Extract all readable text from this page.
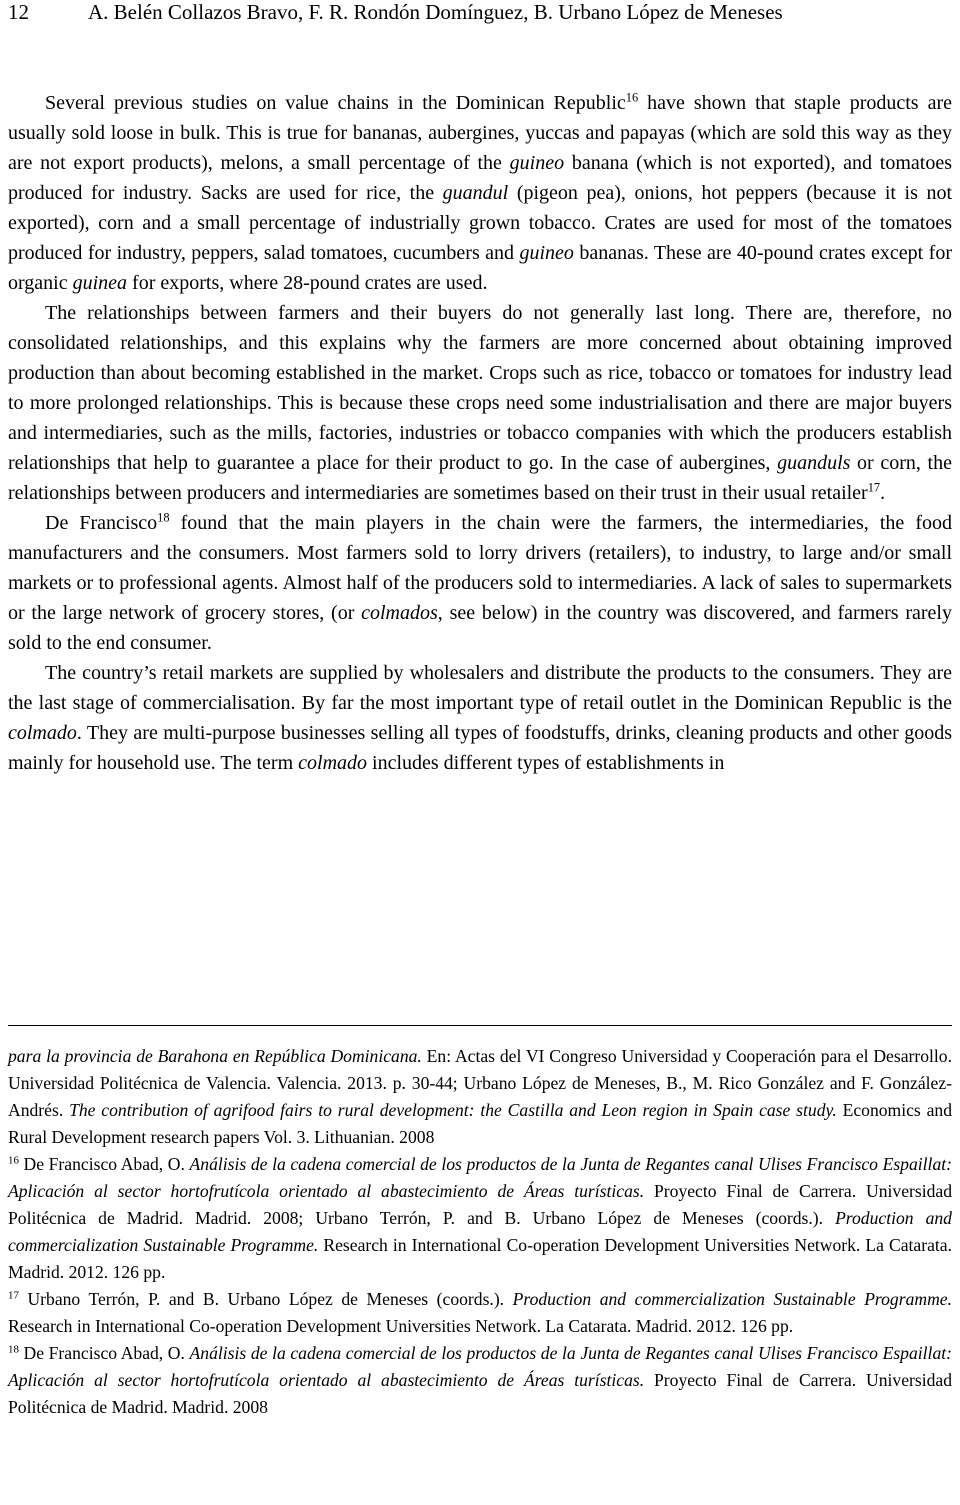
12	A. Belén Collazos Bravo, F. R. Rondón Domínguez, B. Urbano López de Meneses

Several previous studies on value chains in the Dominican Republic$^{16}$ have shown that staple products are usually sold loose in bulk. This is true for bananas, aubergines, yuccas and papayas (which are sold this way as they are not export products), melons, a small percentage of the guineo banana (which is not exported), and tomatoes produced for industry. Sacks are used for rice, the guandul (pigeon pea), onions, hot peppers (because it is not exported), corn and a small percentage of industrially grown tobacco. Crates are used for most of the tomatoes produced for industry, peppers, salad tomatoes, cucumbers and guineo bananas. These are 40-pound crates except for organic guinea for exports, where 28-pound crates are used.

The relationships between farmers and their buyers do not generally last long. There are, therefore, no consolidated relationships, and this explains why the farmers are more concerned about obtaining improved production than about becoming established in the market. Crops such as rice, tobacco or tomatoes for industry lead to more prolonged relationships. This is because these crops need some industrialisation and there are major buyers and intermediaries, such as the mills, factories, industries or tobacco companies with which the producers establish relationships that help to guarantee a place for their product to go. In the case of aubergines, guanduls or corn, the relationships between producers and intermediaries are sometimes based on their trust in their usual retailer$^{17}$.

De Francisco$^{18}$ found that the main players in the chain were the farmers, the intermediaries, the food manufacturers and the consumers. Most farmers sold to lorry drivers (retailers), to industry, to large and/or small markets or to professional agents. Almost half of the producers sold to intermediaries. A lack of sales to supermarkets or the large network of grocery stores, (or colmados, see below) in the country was discovered, and farmers rarely sold to the end consumer.

The country’s retail markets are supplied by wholesalers and distribute the products to the consumers. They are the last stage of commercialisation. By far the most important type of retail outlet in the Dominican Republic is the colmado. They are multi-purpose businesses selling all types of foodstuffs, drinks, cleaning products and other goods mainly for household use. The term colmado includes different types of establishments in

para la provincia de Barahona en República Dominicana. En: Actas del VI Congreso Universidad y Cooperación para el Desarrollo. Universidad Politécnica de Valencia. Valencia. 2013. p. 30-44; Urbano López de Meneses, B., M. Rico González and F. González-Andrés. The contribution of agrifood fairs to rural development: the Castilla and Leon region in Spain case study. Economics and Rural Development research papers Vol. 3. Lithuanian. 2008

$^{16}$ De Francisco Abad, O. Análisis de la cadena comercial de los productos de la Junta de Regantes canal Ulises Francisco Espaillat: Aplicación al sector hortofrutícola orientado al abastecimiento de Áreas turísticas. Proyecto Final de Carrera. Universidad Politécnica de Madrid. Madrid. 2008; Urbano Terrón, P. and B. Urbano López de Meneses (coords.). Production and commercialization Sustainable Programme. Research in International Co-operation Development Universities Network. La Catarata. Madrid. 2012. 126 pp.

$^{17}$ Urbano Terrón, P. and B. Urbano López de Meneses (coords.). Production and commercialization Sustainable Programme. Research in International Co-operation Development Universities Network. La Catarata. Madrid. 2012. 126 pp.

$^{18}$ De Francisco Abad, O. Análisis de la cadena comercial de los productos de la Junta de Regantes canal Ulises Francisco Espaillat: Aplicación al sector hortofrutícola orientado al abastecimiento de Áreas turísticas. Proyecto Final de Carrera. Universidad Politécnica de Madrid. Madrid. 2008
